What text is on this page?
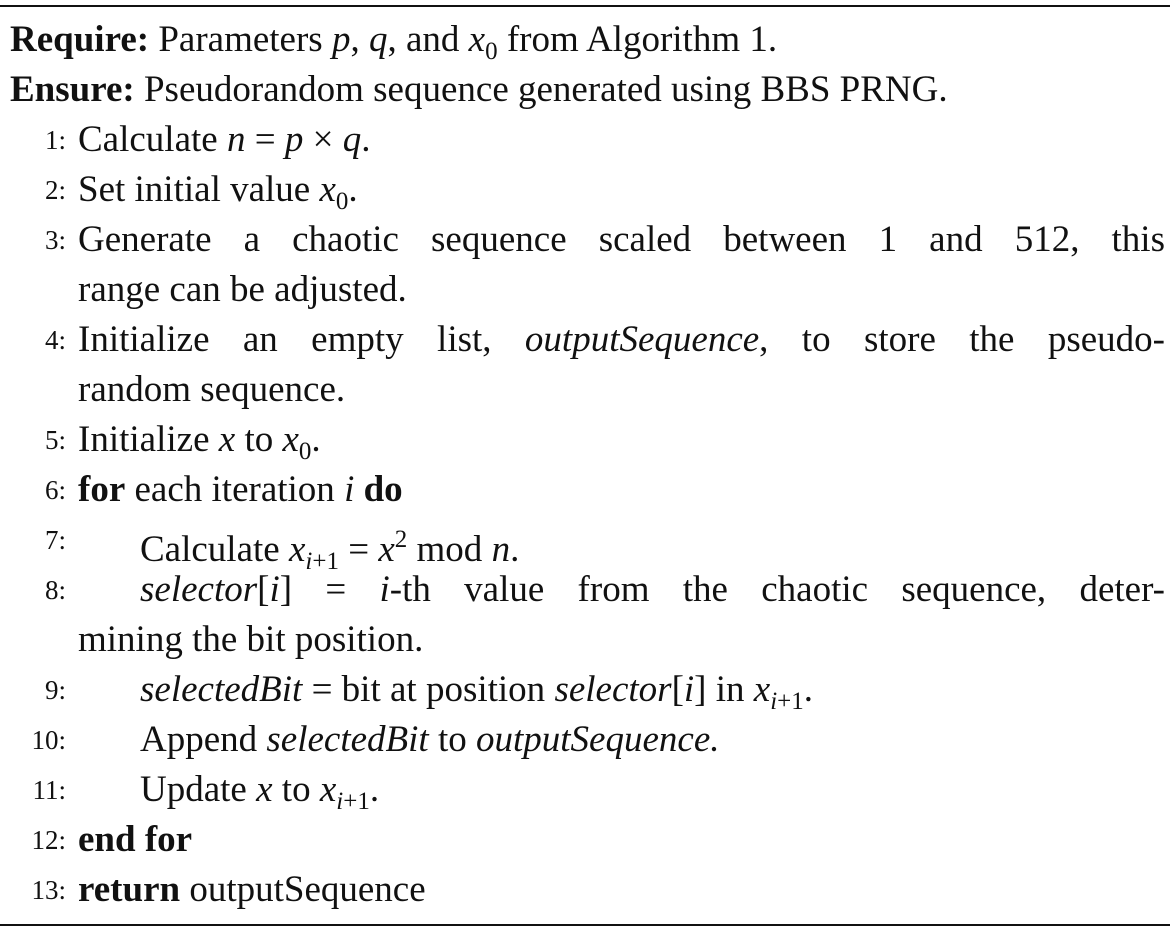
Require: Parameters p, q, and $x_0$ from Algorithm 1.
Ensure: Pseudorandom sequence generated using BBS PRNG.
1: Calculate n = p × q.
2: Set initial value $x_0$.
3: Generate a chaotic sequence scaled between 1 and 512, this
range can be adjusted.
4: Initialize an empty list, outputSequence, to store the pseudo-
random sequence.
5: Initialize x to $x_0$.
6: for each iteration i do
7: Calculate $x_{i+1} = x^2$ mod n.
8: selector[i] = i-th value from the chaotic sequence, deter-
mining the bit position.
9: selectedBit = bit at position selector[i] in $x_{i+1}$.
10: Append selectedBit to outputSequence.
11: Update x to $x_{i+1}$.
12: end for
13: return outputSequence
